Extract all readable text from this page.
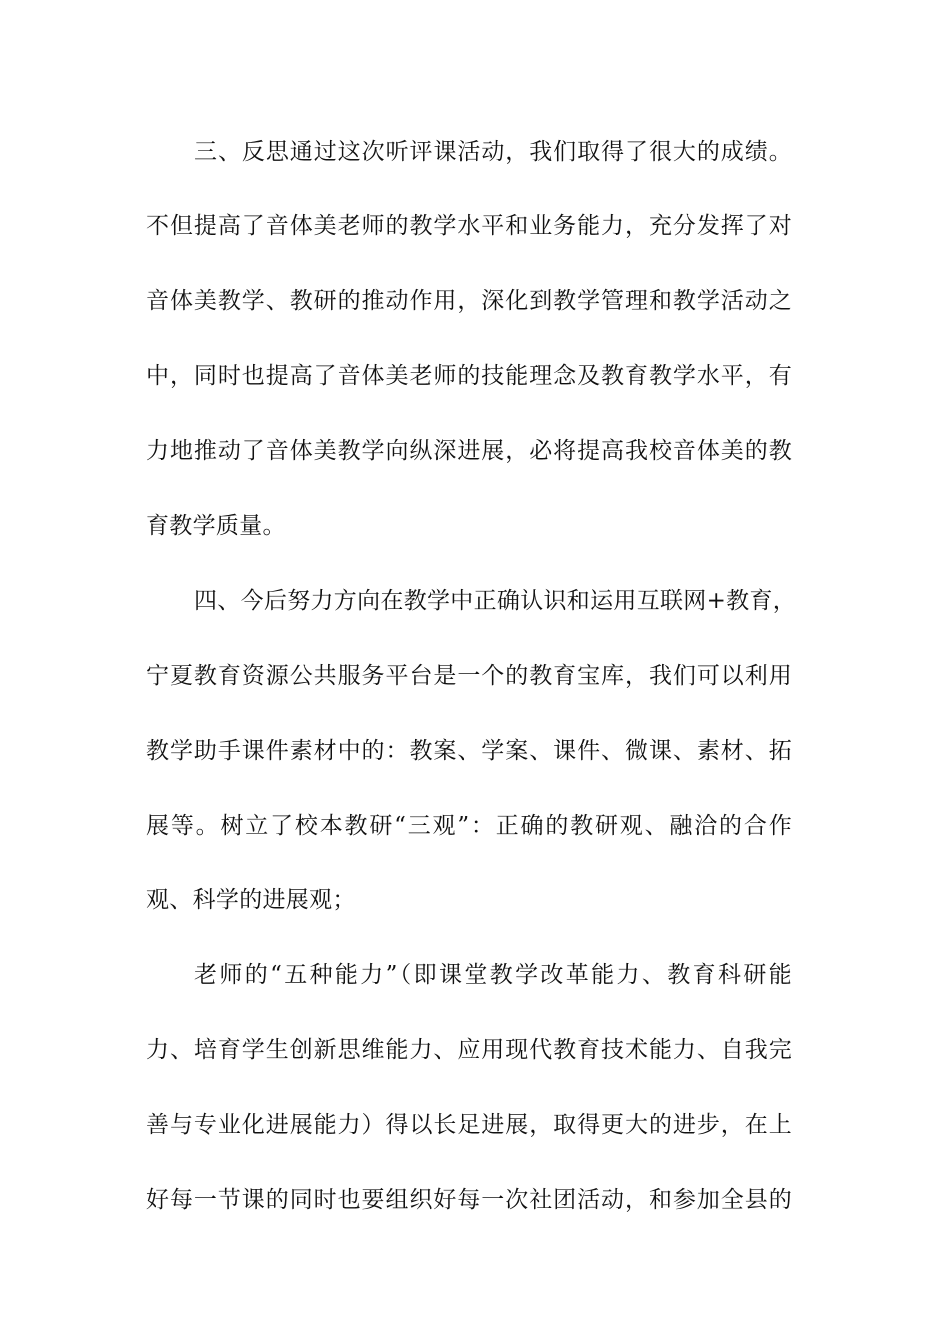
三、反思通过这次听评课活动，我们取得了很大的成绩。
不但提高了音体美老师的教学水平和业务能力，充分发挥了对
音体美教学、教研的推动作用，深化到教学管理和教学活动之
中，同时也提高了音体美老师的技能理念及教育教学水平，有
力地推动了音体美教学向纵深进展，必将提高我校音体美的教
育教学质量。
四、今后努力方向在教学中正确认识和运用互联网+教育，
宁夏教育资源公共服务平台是一个的教育宝库，我们可以利用
教学助手课件素材中的：教案、学案、课件、微课、素材、拓
展等。树立了校本教研“三观”：正确的教研观、融洽的合作
观、科学的进展观；
老师的“五种能力”（即课堂教学改革能力、教育科研能
力、培育学生创新思维能力、应用现代教育技术能力、自我完
善与专业化进展能力）得以长足进展，取得更大的进步，在上
好每一节课的同时也要组织好每一次社团活动，和参加全县的
